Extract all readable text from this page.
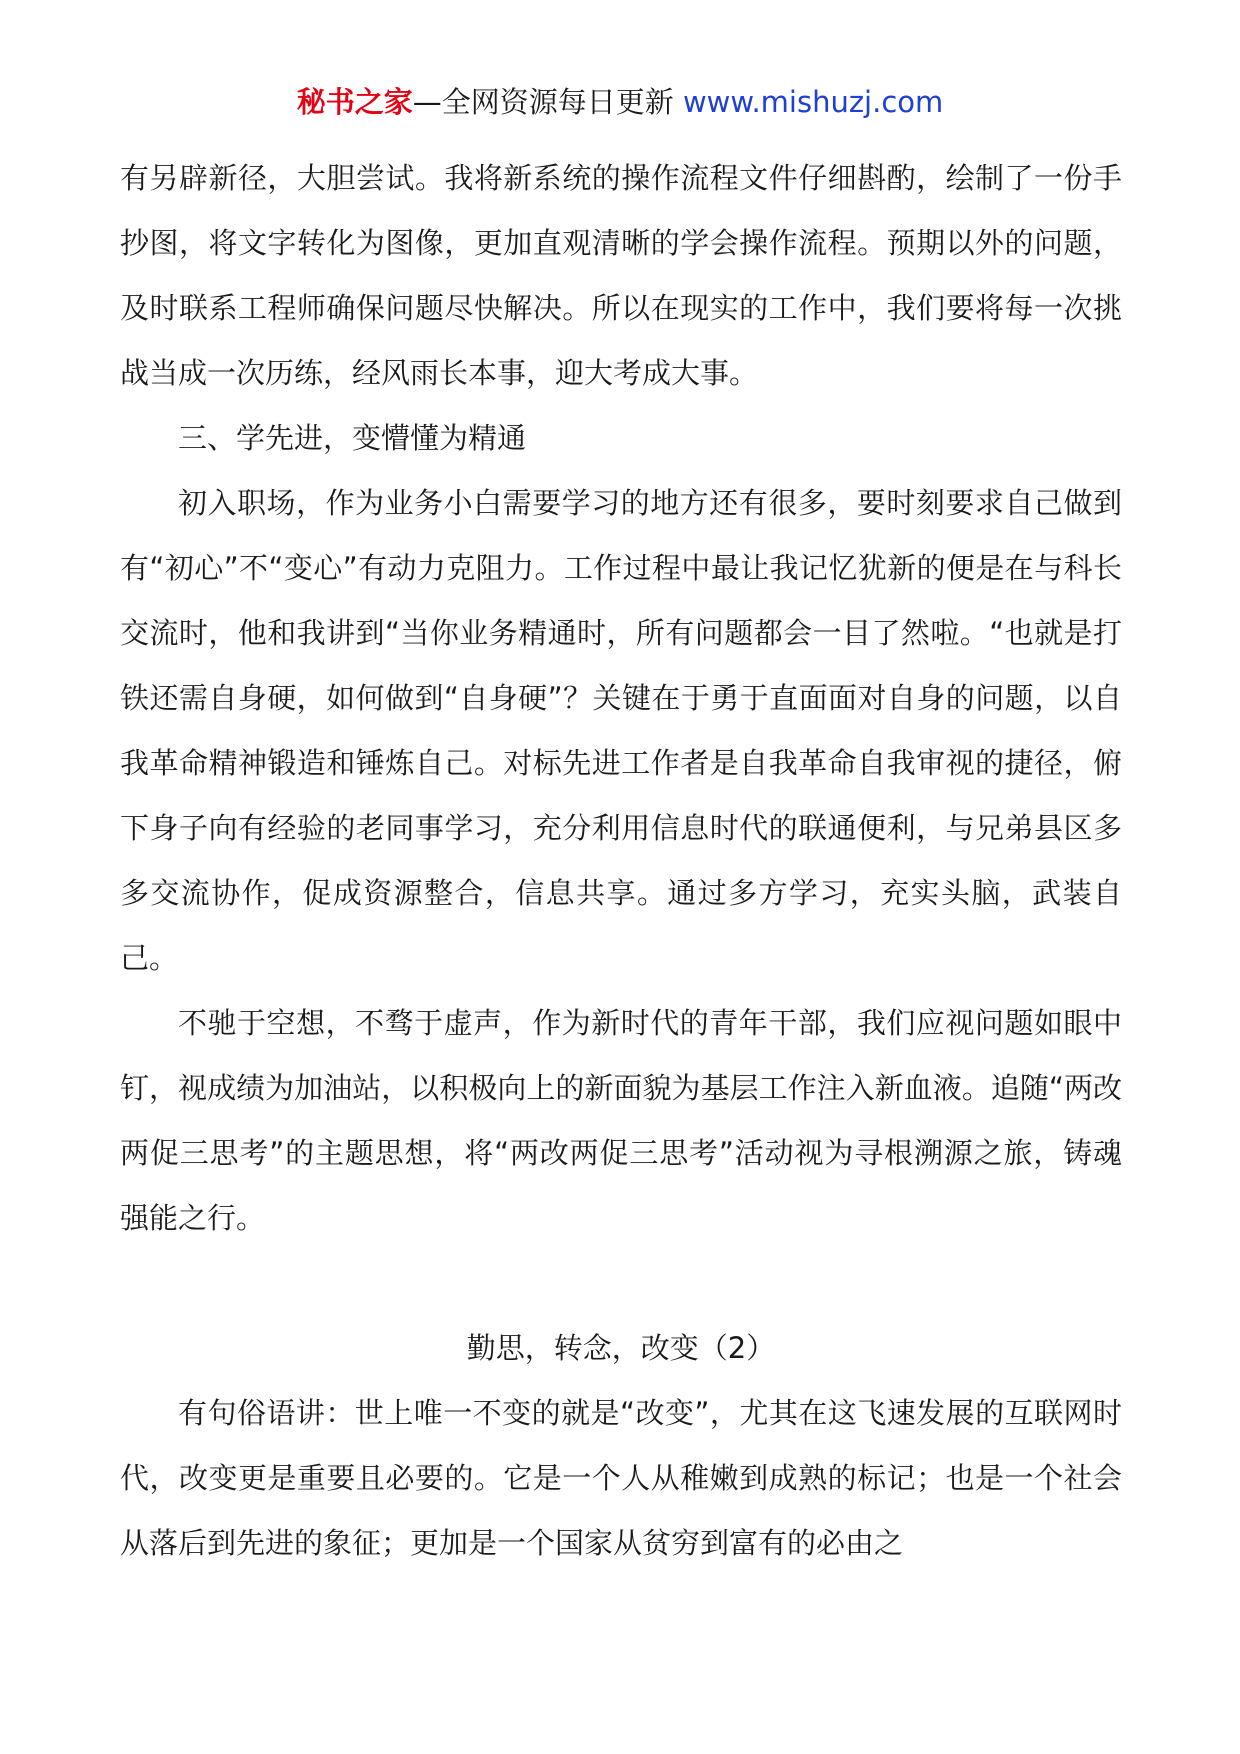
秘书之家—全网资源每日更新 www.mishuzj.com

有另辟新径，大胆尝试。我将新系统的操作流程文件仔细斟酌，绘制了一份手抄图，将文字转化为图像，更加直观清晰的学会操作流程。预期以外的问题，及时联系工程师确保问题尽快解决。所以在现实的工作中，我们要将每一次挑战当成一次历练，经风雨长本事，迎大考成大事。

三、学先进，变懵懂为精通

初入职场，作为业务小白需要学习的地方还有很多，要时刻要求自己做到有“初心”不“变心”有动力克阻力。工作过程中最让我记忆犹新的便是在与科长交流时，他和我讲到“当你业务精通时，所有问题都会一目了然啦。“也就是打铁还需自身硬，如何做到“自身硬”？关键在于勇于直面面对自身的问题，以自我革命精神锻造和锤炼自己。对标先进工作者是自我革命自我审视的捷径，俯下身子向有经验的老同事学习，充分利用信息时代的联通便利，与兄弟县区多多交流协作，促成资源整合，信息共享。通过多方学习，充实头脑，武装自己。

不驰于空想，不骛于虚声，作为新时代的青年干部，我们应视问题如眼中钉，视成绩为加油站，以积极向上的新面貌为基层工作注入新血液。追随“两改两促三思考”的主题思想，将“两改两促三思考”活动视为寻根溯源之旅，铸魂强能之行。

勤思，转念，改变（2）

有句俗语讲：世上唯一不变的就是“改变”，尤其在这飞速发展的互联网时代，改变更是重要且必要的。它是一个人从稚嫩到成熟的标记；也是一个社会从落后到先进的象征；更加是一个国家从贫穷到富有的必由之
